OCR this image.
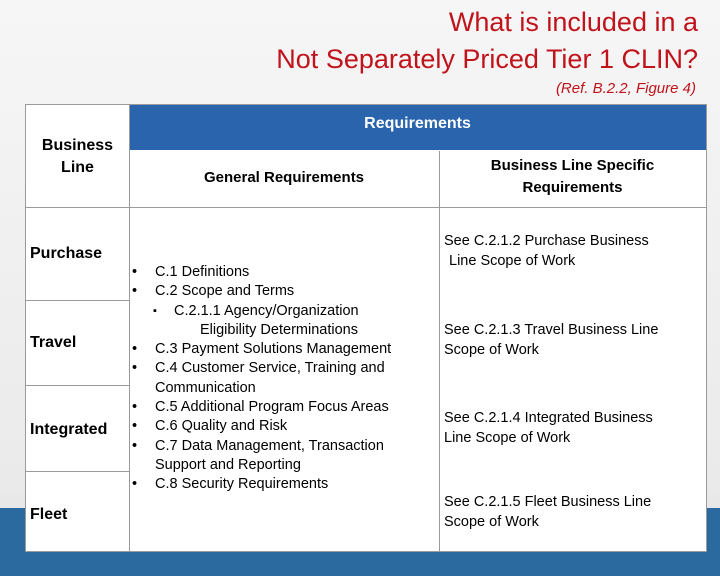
What is included in a
Not Separately Priced Tier 1 CLIN?
(Ref. B.2.2, Figure 4)
Requirements
Business
Line
General Requirements
Business Line Specific
Requirements
Purchase
Travel
Integrated
Fleet
See C.2.1.2 Purchase Business
Line Scope of Work
See C.2.1.3 Travel Business Line
Scope of Work
See C.2.1.4 Integrated Business
Line Scope of Work
See C.2.1.5 Fleet Business Line
Scope of Work
• C.1 Definitions
• C.2 Scope and Terms
▪ C.2.1.1 Agency/Organization
Eligibility Determinations
• C.3 Payment Solutions Management
• C.4 Customer Service, Training and
Communication
• C.5 Additional Program Focus Areas
• C.6 Quality and Risk
• C.7 Data Management, Transaction
Support and Reporting
• C.8 Security Requirements
